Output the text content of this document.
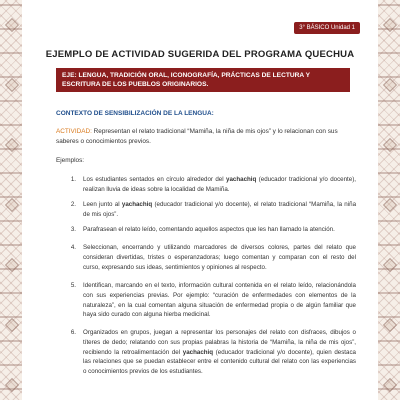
3° BÁSICO Unidad 1
EJEMPLO DE ACTIVIDAD SUGERIDA DEL PROGRAMA QUECHUA
EJE: LENGUA, TRADICIÓN ORAL, ICONOGRAFÍA, PRÁCTICAS DE LECTURA Y ESCRITURA DE LOS PUEBLOS ORIGINARIOS.
CONTEXTO DE SENSIBILIZACIÓN DE LA LENGUA:

ACTIVIDAD: Representan el relato tradicional “Mamiña, la niña de mis ojos” y lo relacionan con sus saberes o conocimientos previos.

Ejemplos:

1. Los estudiantes sentados en círculo alrededor del yachachiq (educador tradicional y/o docente), realizan lluvia de ideas sobre la localidad de Mamiña.
2. Leen junto al yachachiq (educador tradicional y/o docente), el relato tradicional “Mamiña, la niña de mis ojos”.
3. Parafrasean el relato leído, comentando aquellos aspectos que les han llamado la atención.
4. Seleccionan, encerrando y utilizando marcadores de diversos colores, partes del relato que consideran divertidas, tristes o esperanzadoras; luego comentan y comparan con el resto del curso, expresando sus ideas, sentimientos y opiniones al respecto.
5. Identifican, marcando en el texto, información cultural contenida en el relato leído, relacionándola con sus experiencias previas. Por ejemplo: “curación de enfermedades con elementos de la naturaleza”, en la cual comentan alguna situación de enfermedad propia o de algún familiar que haya sido curado con alguna hierba medicinal.
6. Organizados en grupos, juegan a representar los personajes del relato con disfraces, dibujos o títeres de dedo; relatando con sus propias palabras la historia de “Mamiña, la niña de mis ojos”, recibiendo la retroalimentación del yachachiq (educador tradicional y/o docente), quien destaca las relaciones que se puedan establecer entre el contenido cultural del relato con las experiencias o conocimientos previos de los estudiantes.
